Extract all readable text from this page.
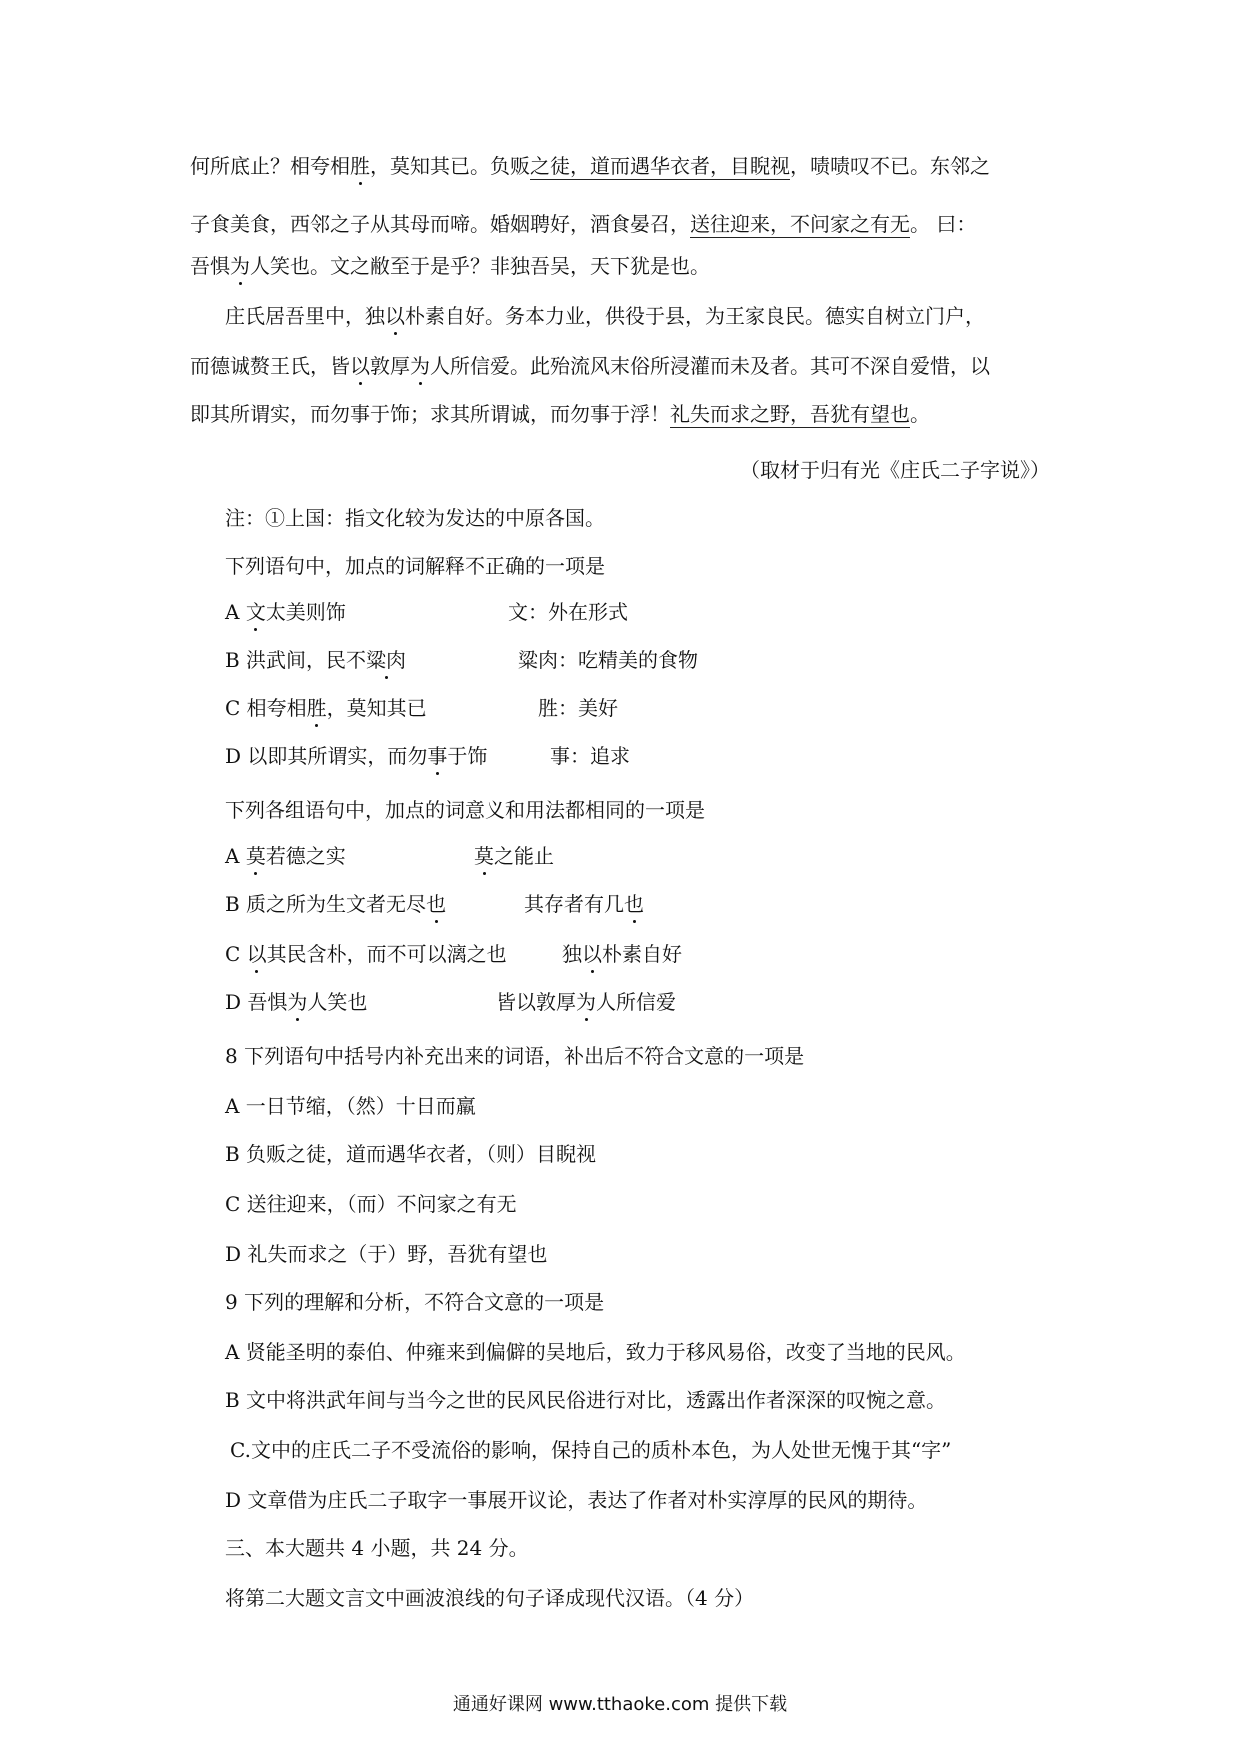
何所底止？相夸相胜，莫知其已。负贩之徒，道而遇华衣者，目睨视，啧啧叹不已。东邻之
子食美食，西邻之子从其母而啼。婚姻聘好，酒食晏召，送往迎来，不问家之有无。 曰：
吾惧为人笑也。文之敝至于是乎？非独吾吴，天下犹是也。
庄氏居吾里中，独以朴素自好。务本力业，供役于县，为王家良民。德实自树立门户，
而德诚赘王氏，皆以敦厚为人所信爱。此殆流风末俗所浸灌而未及者。其可不深自爱惜，以
即其所谓实，而勿事于饰；求其所谓诚，而勿事于浮！礼失而求之野，吾犹有望也。
（取材于归有光《庄氏二子字说》）
注：①上国：指文化较为发达的中原各国。
下列语句中，加点的词解释不正确的一项是
A 文太美则饰	文：外在形式
B 洪武间，民不粱肉	粱肉：吃精美的食物
C 相夸相胜，莫知其已	胜：美好
D 以即其所谓实，而勿事于饰	事：追求
下列各组语句中，加点的词意义和用法都相同的一项是
A 莫若德之实	莫之能止
B 质之所为生文者无尽也	其存者有几也
C 以其民含朴，而不可以漓之也	独以朴素自好
D 吾惧为人笑也	皆以敦厚为人所信爱
8 下列语句中括号内补充出来的词语，补出后不符合文意的一项是
A 一日节缩，（然）十日而羸
B 负贩之徒，道而遇华衣者，（则）目睨视
C 送往迎来，（而）不问家之有无
D 礼失而求之（于）野，吾犹有望也
9 下列的理解和分析，不符合文意的一项是
A 贤能圣明的泰伯、仲雍来到偏僻的吴地后，致力于移风易俗，改变了当地的民风。
B 文中将洪武年间与当今之世的民风民俗进行对比，透露出作者深深的叹惋之意。
C.文中的庄氏二子不受流俗的影响，保持自己的质朴本色，为人处世无愧于其“字”
D 文章借为庄氏二子取字一事展开议论，表达了作者对朴实淳厚的民风的期待。
三、本大题共 4 小题，共 24 分。
将第二大题文言文中画波浪线的句子译成现代汉语。（4 分）
通通好课网 www.tthaoke.com 提供下载
